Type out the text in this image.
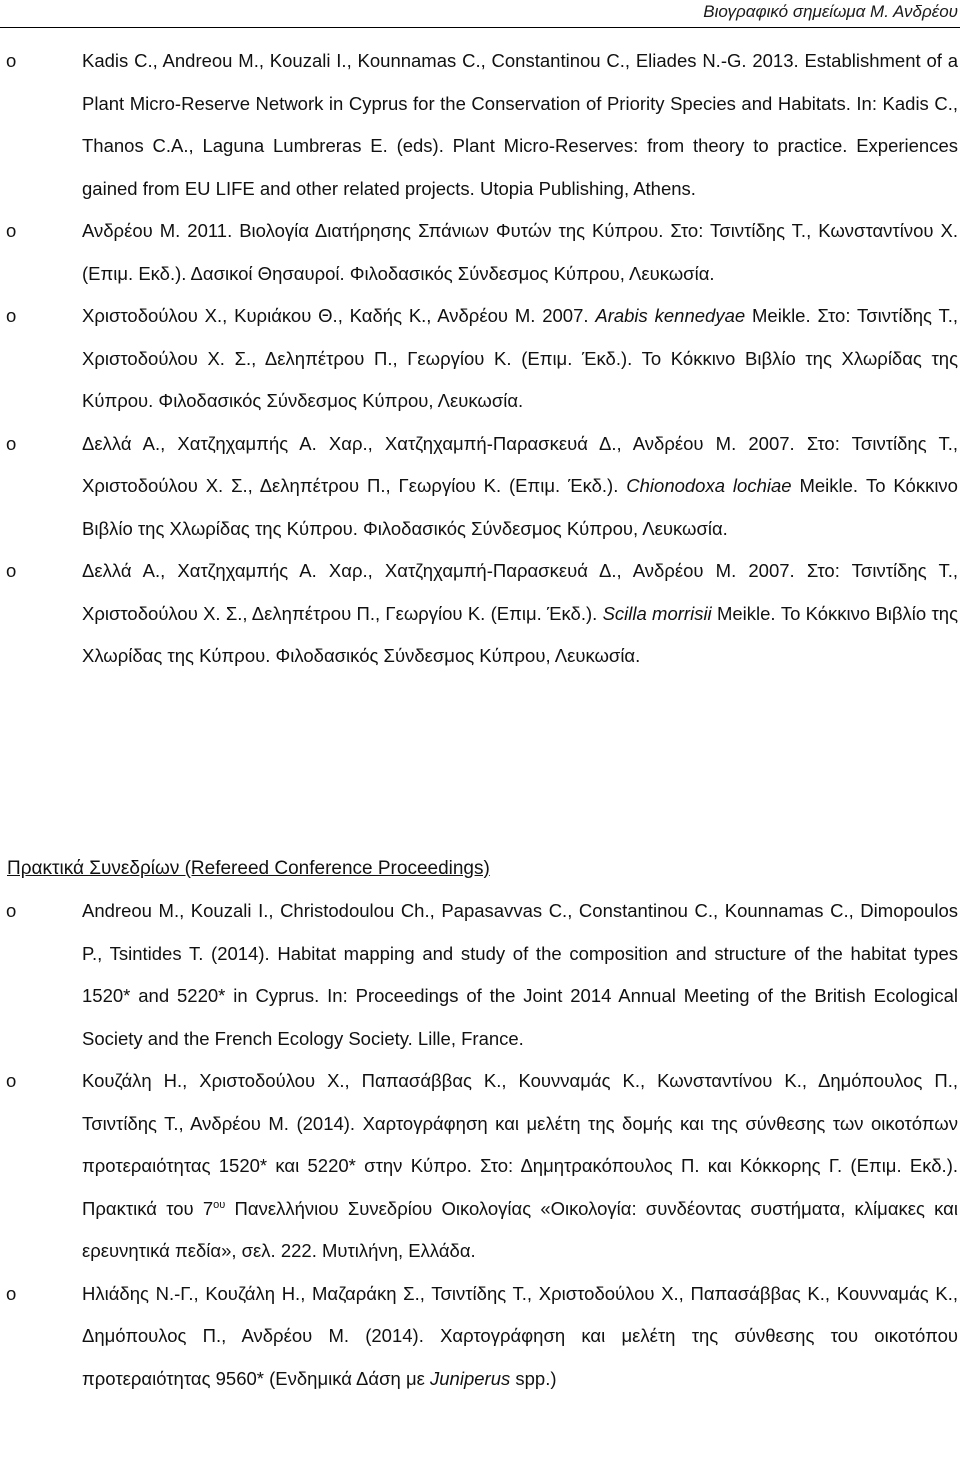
Βιογραφικό σημείωμα Μ. Ανδρέου
o	Kadis C., Andreou M., Kouzali I., Kounnamas C., Constantinou C., Eliades N.-G. 2013. Establishment of a Plant Micro-Reserve Network in Cyprus for the Conservation of Priority Species and Habitats. In: Kadis C., Thanos C.A., Laguna Lumbreras E. (eds). Plant Micro-Reserves: from theory to practice. Experiences gained from EU LIFE and other related projects. Utopia Publishing, Athens.
o	Ανδρέου Μ. 2011. Βιολογία Διατήρησης Σπάνιων Φυτών της Κύπρου. Στο: Τσιντίδης Τ., Κωνσταντίνου Χ. (Επιμ. Εκδ.). Δασικοί Θησαυροί. Φιλοδασικός Σύνδεσμος Κύπρου, Λευκωσία.
o	Χριστοδούλου Χ., Κυριάκου Θ., Καδής Κ., Ανδρέου Μ. 2007. Arabis kennedyae Meikle. Στο: Τσιντίδης Τ., Χριστοδούλου Χ. Σ., Δεληπέτρου Π., Γεωργίου Κ. (Επιμ. Έκδ.). Το Κόκκινο Βιβλίο της Χλωρίδας της Κύπρου. Φιλοδασικός Σύνδεσμος Κύπρου, Λευκωσία.
o	Δελλά Α., Χατζηχαμπής Α. Χαρ., Χατζηχαμπή-Παρασκευά Δ., Ανδρέου Μ. 2007. Στο: Τσιντίδης Τ., Χριστοδούλου Χ. Σ., Δεληπέτρου Π., Γεωργίου Κ. (Επιμ. Έκδ.). Chionodoxa lochiae Meikle. Το Κόκκινο Βιβλίο της Χλωρίδας της Κύπρου. Φιλοδασικός Σύνδεσμος Κύπρου, Λευκωσία.
o	Δελλά Α., Χατζηχαμπής Α. Χαρ., Χατζηχαμπή-Παρασκευά Δ., Ανδρέου Μ. 2007. Στο: Τσιντίδης Τ., Χριστοδούλου Χ. Σ., Δεληπέτρου Π., Γεωργίου Κ. (Επιμ. Έκδ.). Scilla morrisii Meikle. Το Κόκκινο Βιβλίο της Χλωρίδας της Κύπρου. Φιλοδασικός Σύνδεσμος Κύπρου, Λευκωσία.
Πρακτικά Συνεδρίων (Refereed Conference Proceedings)
o	Andreou M., Kouzali I., Christodoulou Ch., Papasavvas C., Constantinou C., Kounnamas C., Dimopoulos P., Tsintides T. (2014). Habitat mapping and study of the composition and structure of the habitat types 1520* and 5220* in Cyprus. In: Proceedings of the Joint 2014 Annual Meeting of the British Ecological Society and the French Ecology Society. Lille, France.
o	Κουζάλη Η., Χριστοδούλου Χ., Παπασάββας Κ., Κουνναμάς Κ., Κωνσταντίνου Κ., Δημόπουλος Π., Τσιντίδης Τ., Ανδρέου Μ. (2014). Χαρτογράφηση και μελέτη της δομής και της σύνθεσης των οικοτόπων προτεραιότητας 1520* και 5220* στην Κύπρο. Στο: Δημητρακόπουλος Π. και Κόκκορης Γ. (Επιμ. Εκδ.). Πρακτικά του $7^{o\upsilon}$ Πανελλήνιου Συνεδρίου Οικολογίας «Οικολογία: συνδέοντας συστήματα, κλίμακες και ερευνητικά πεδία», σελ. 222. Μυτιλήνη, Ελλάδα.
o	Ηλιάδης Ν.-Γ., Κουζάλη Η., Μαζαράκη Σ., Τσιντίδης Τ., Χριστοδούλου Χ., Παπασάββας Κ., Κουνναμάς Κ., Δημόπουλος Π., Ανδρέου Μ. (2014). Χαρτογράφηση και μελέτη της σύνθεσης του οικοτόπου προτεραιότητας 9560* (Ενδημικά Δάση με Juniperus spp.)
